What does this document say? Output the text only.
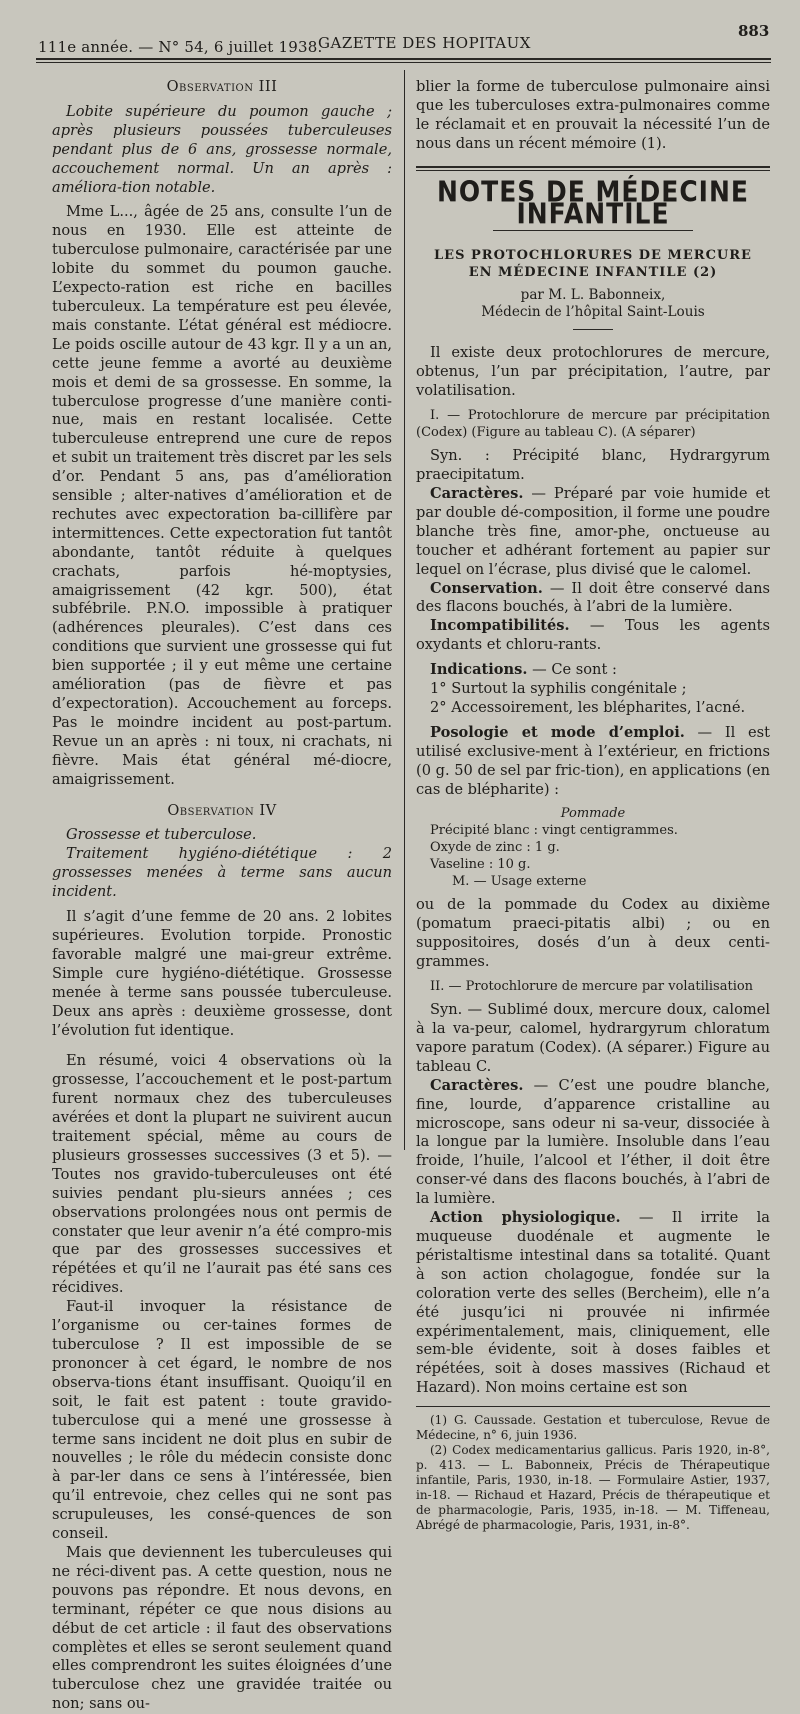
111e année. — N° 54, 6 juillet 1938.
GAZETTE DES HOPITAUX
883
Observation III

Lobite supérieure du poumon gauche ; après plusieurs poussées tuberculeuses pendant plus de 6 ans, grossesse normale, accouchement normal. Un an après : améliora-tion notable.

Mme L..., âgée de 25 ans, consulte l’un de nous en 1930. Elle est atteinte de tuberculose pulmonaire, caractérisée par une lobite du sommet du poumon gauche. L’expecto-ration est riche en bacilles tuberculeux. La température est peu élevée, mais constante. L’état général est médiocre. Le poids oscille autour de 43 kgr. Il y a un an, cette jeune femme a avorté au deuxième mois et demi de sa grossesse. En somme, la tuberculose progresse d’une manière conti-nue, mais en restant localisée. Cette tuberculeuse entreprend une cure de repos et subit un traitement très discret par les sels d’or. Pendant 5 ans, pas d’amélioration sensible ; alter-natives d’amélioration et de rechutes avec expectoration ba-cillifère par intermittences. Cette expectoration fut tantôt abondante, tantôt réduite à quelques crachats, parfois hé-moptysies, amaigrissement (42 kgr. 500), état subfébrile. P.N.O. impossible à pratiquer (adhérences pleurales). C’est dans ces conditions que survient une grossesse qui fut bien supportée ; il y eut même une certaine amélioration (pas de fièvre et pas d’expectoration). Accouchement au forceps. Pas le moindre incident au post-partum. Revue un an après : ni toux, ni crachats, ni fièvre. Mais état général mé-diocre, amaigrissement.

Observation IV

Grossesse et tuberculose.

Traitement hygiéno-diététique : 2 grossesses menées à terme sans aucun incident.

Il s’agit d’une femme de 20 ans. 2 lobites supérieures. Evolution torpide. Pronostic favorable malgré une mai-greur extrême. Simple cure hygiéno-diététique. Grossesse menée à terme sans poussée tuberculeuse. Deux ans après : deuxième grossesse, dont l’évolution fut identique.

En résumé, voici 4 observations où la grossesse, l’accouchement et le post-partum furent normaux chez des tuberculeuses avérées et dont la plupart ne suivirent aucun traitement spécial, même au cours de plusieurs grossesses successives (3 et 5). — Toutes nos gravido-tuberculeuses ont été suivies pendant plu-sieurs années ; ces observations prolongées nous ont permis de constater que leur avenir n’a été compro-mis que par des grossesses successives et répétées et qu’il ne l’aurait pas été sans ces récidives.

Faut-il invoquer la résistance de l’organisme ou cer-taines formes de tuberculose ? Il est impossible de se prononcer à cet égard, le nombre de nos observa-tions étant insuffisant. Quoiqu’il en soit, le fait est patent : toute gravido-tuberculose qui a mené une grossesse à terme sans incident ne doit plus en subir de nouvelles ; le rôle du médecin consiste donc à par-ler dans ce sens à l’intéressée, bien qu’il entrevoie, chez celles qui ne sont pas scrupuleuses, les consé-quences de son conseil.

Mais que deviennent les tuberculeuses qui ne réci-divent pas. A cette question, nous ne pouvons pas répondre. Et nous devons, en terminant, répéter ce que nous disions au début de cet article : il faut des observations complètes et elles se seront seulement quand elles comprendront les suites éloignées d’une tuberculose chez une gravidée traitée ou non; sans ou-

blier la forme de tuberculose pulmonaire ainsi que les tuberculoses extra-pulmonaires comme le réclamait et en prouvait la nécessité l’un de nous dans un récent mémoire (1).

NOTES DE MÉDECINE INFANTILE
LES PROTOCHLORURES DE MERCURE
EN MÉDECINE INFANTILE (2)
par M. L. Babonneix,
Médecin de l’hôpital Saint-Louis

Il existe deux protochlorures de mercure, obtenus, l’un par précipitation, l’autre, par volatilisation.

I. — Protochlorure de mercure par précipitation (Codex) (Figure au tableau C). (A séparer)

Syn. : Précipité blanc, Hydrargyrum praecipitatum.

Caractères. — Préparé par voie humide et par double dé-composition, il forme une poudre blanche très fine, amor-phe, onctueuse au toucher et adhérant fortement au papier sur lequel on l’écrase, plus divisé que le calomel.

Conservation. — Il doit être conservé dans des flacons bouchés, à l’abri de la lumière.

Incompatibilités. — Tous les agents oxydants et chloru-rants.

Indications. — Ce sont :

1° Surtout la syphilis congénitale ;

2° Accessoirement, les blépharites, l’acné.

Posologie et mode d’emploi. — Il est utilisé exclusive-ment à l’extérieur, en frictions (0 g. 50 de sel par fric-tion), en applications (en cas de blépharite) :

Pommade
Précipité blanc : vingt centigrammes.
Oxyde de zinc : 1 g.
Vaseline : 10 g.
M. — Usage externe

ou de la pommade du Codex au dixième (pomatum praeci-pitatis albi) ; ou en suppositoires, dosés d’un à deux centi-grammes.

II. — Protochlorure de mercure par volatilisation

Syn. — Sublimé doux, mercure doux, calomel à la va-peur, calomel, hydrargyrum chloratum vapore paratum (Codex). (A séparer.) Figure au tableau C.

Caractères. — C’est une poudre blanche, fine, lourde, d’apparence cristalline au microscope, sans odeur ni sa-veur, dissociée à la longue par la lumière. Insoluble dans l’eau froide, l’huile, l’alcool et l’éther, il doit être conser-vé dans des flacons bouchés, à l’abri de la lumière.

Action physiologique. — Il irrite la muqueuse duodénale et augmente le péristaltisme intestinal dans sa totalité. Quant à son action cholagogue, fondée sur la coloration verte des selles (Bercheim), elle n’a été jusqu’ici ni prouvée ni infirmée expérimentalement, mais, cliniquement, elle sem-ble évidente, soit à doses faibles et répétées, soit à doses massives (Richaud et Hazard). Non moins certaine est son

(1) G. Caussade. Gestation et tuberculose, Revue de Médecine, n° 6, juin 1936.

(2) Codex medicamentarius gallicus. Paris 1920, in-8°, p. 413. — L. Babonneix, Précis de Thérapeutique infantile, Paris, 1930, in-18. — Formulaire Astier, 1937, in-18. — Richaud et Hazard, Précis de thérapeutique et de pharmacologie, Paris, 1935, in-18. — M. Tiffeneau, Abrégé de pharmacologie, Paris, 1931, in-8°.
